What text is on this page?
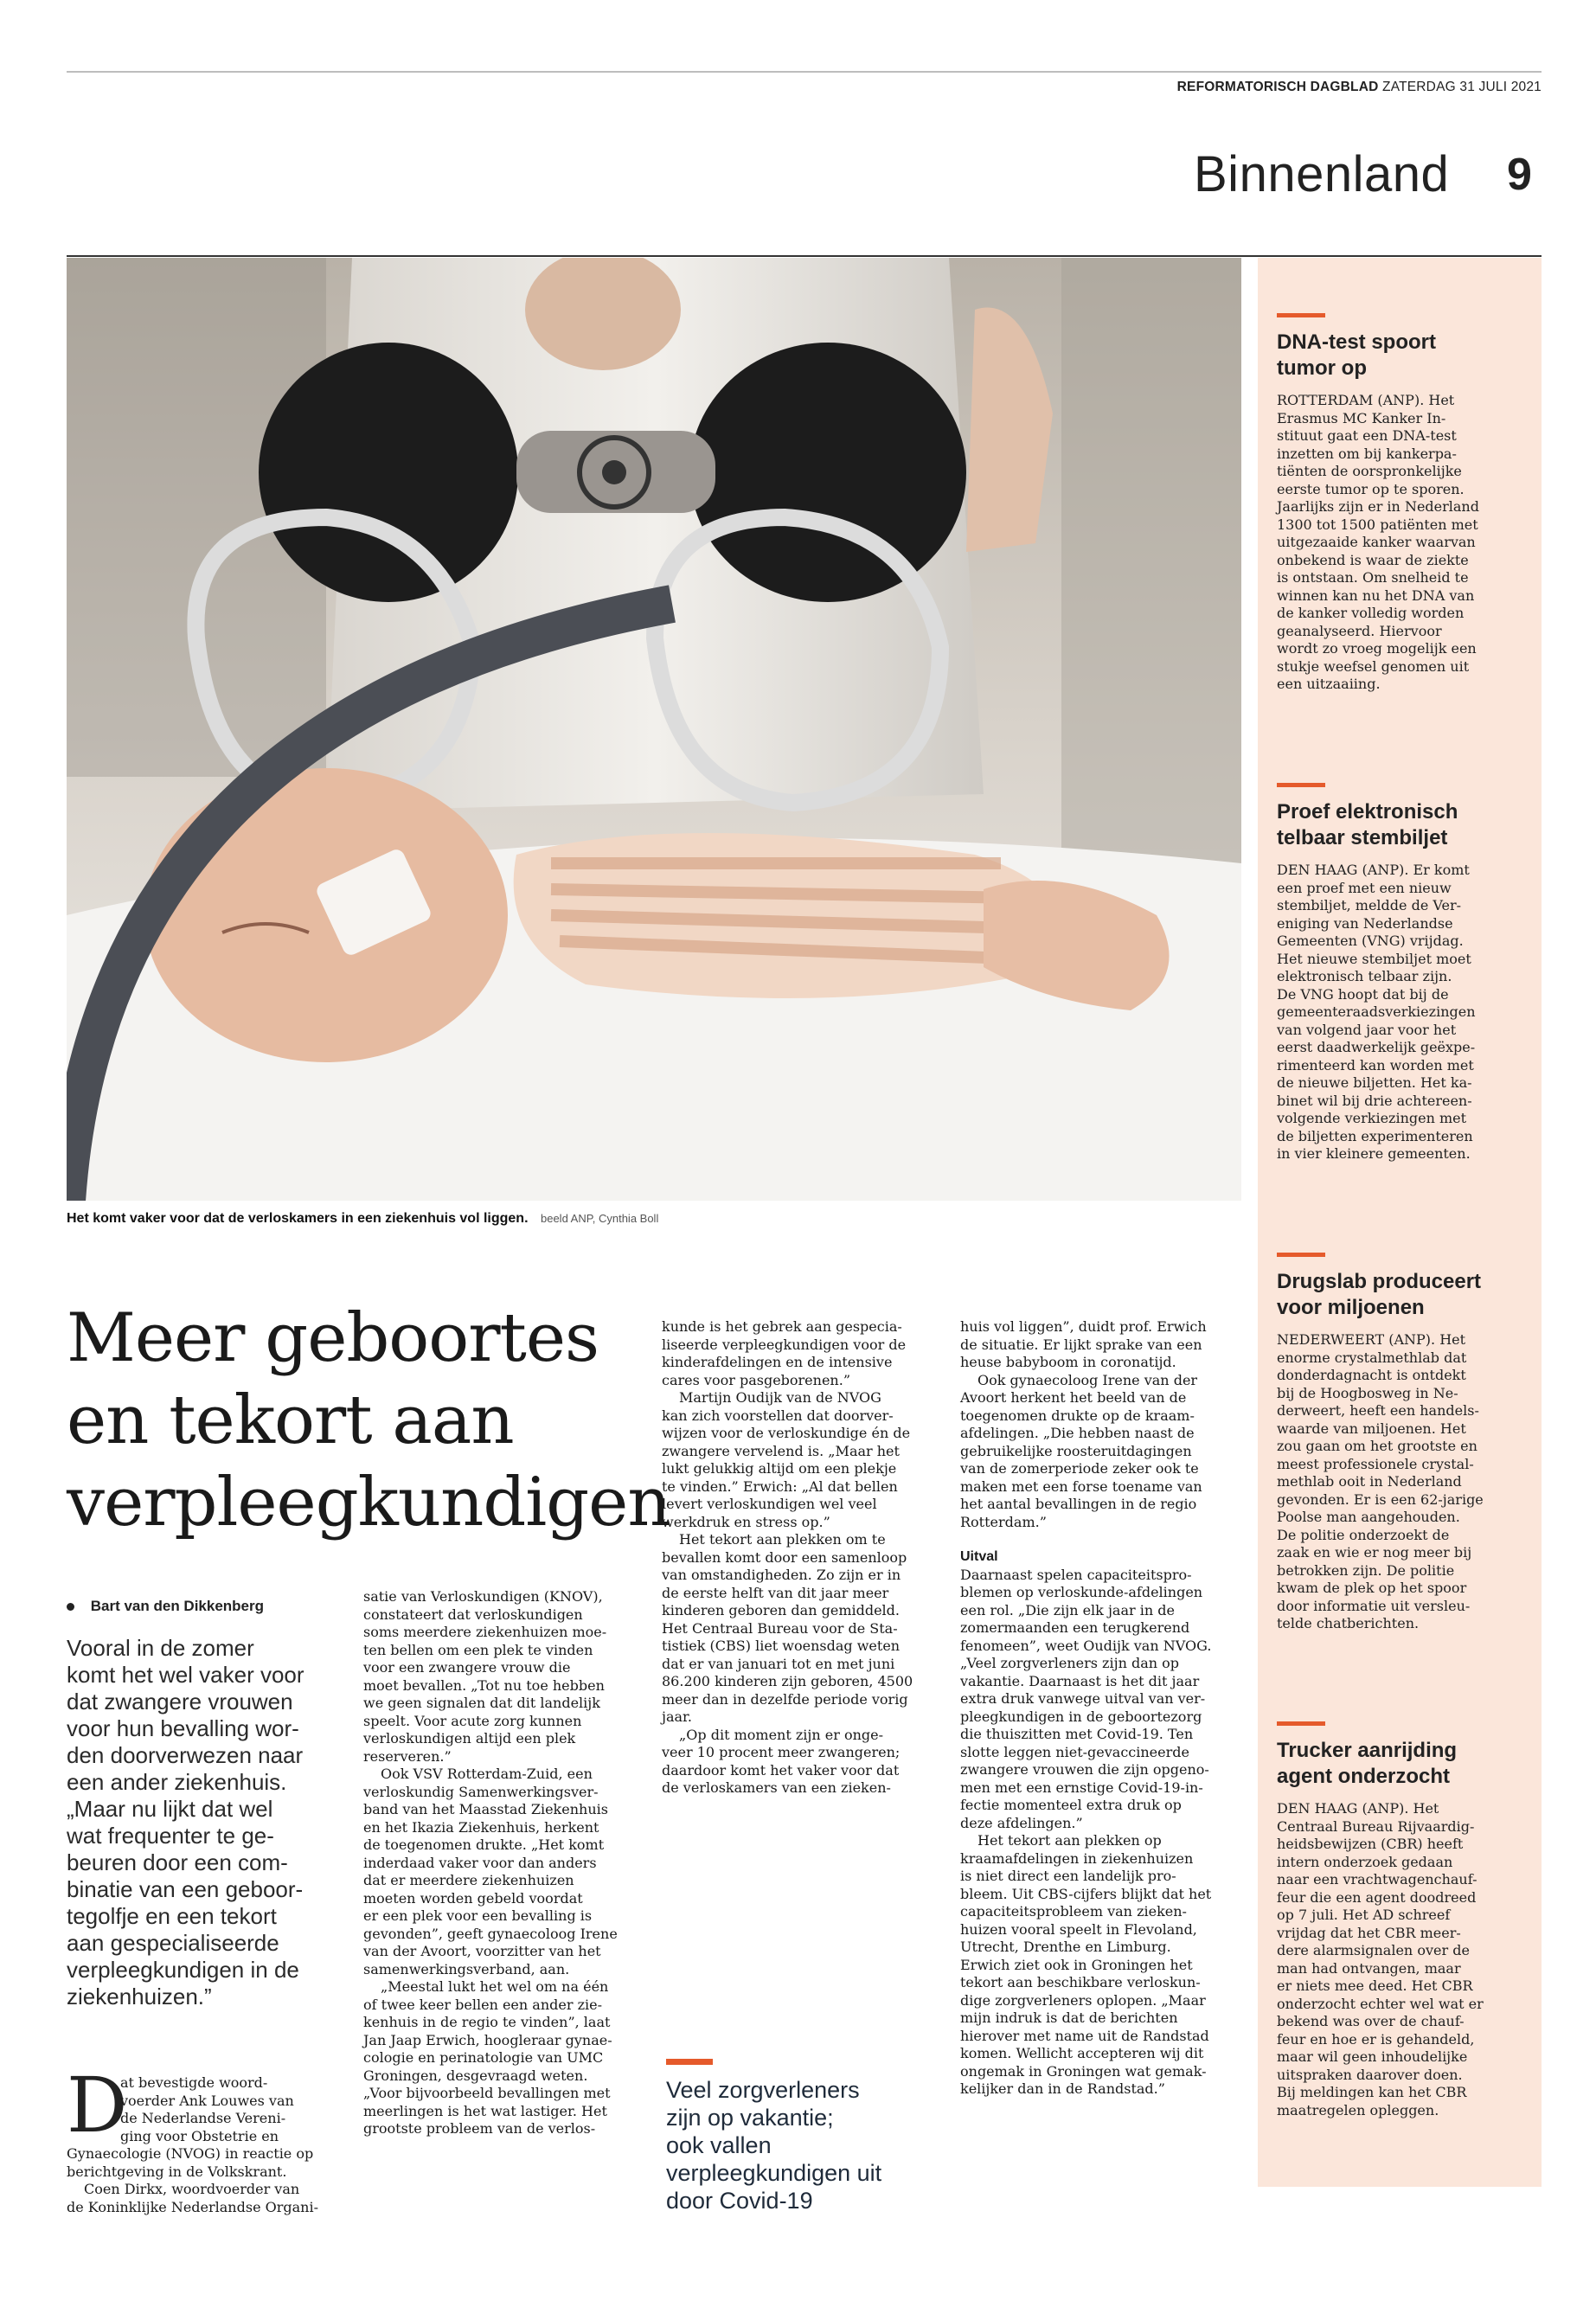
REFORMATORISCH DAGBLAD ZATERDAG 31 JULI 2021
Binnenland 9
Het komt vaker voor dat de verloskamers in een ziekenhuis vol liggen. beeld ANP, Cynthia Boll
Meer geboortes
en tekort aan
verpleegkundigen
Bart van den Dikkenberg
Vooral in de zomer
komt het wel vaker voor
dat zwangere vrouwen
voor hun bevalling wor-
den doorverwezen naar
een ander ziekenhuis.
„Maar nu lijkt dat wel
wat frequenter te ge-
beuren door een com-
binatie van een geboor-
tegolfje en een tekort
aan gespecialiseerde
verpleegkundigen in de
ziekenhuizen.”
D
at bevestigde woord-
voerder Ank Louwes van
de Nederlandse Vereni-
ging voor Obstetrie en
Gynaecologie (NVOG) in reactie op
berichtgeving in de Volkskrant.
Coen Dirkx, woordvoerder van
de Koninklijke Nederlandse Organi-
satie van Verloskundigen (KNOV),
constateert dat verloskundigen
soms meerdere ziekenhuizen moe-
ten bellen om een plek te vinden
voor een zwangere vrouw die
moet bevallen. „Tot nu toe hebben
we geen signalen dat dit landelijk
speelt. Voor acute zorg kunnen
verloskundigen altijd een plek
reserveren.”
Ook VSV Rotterdam-Zuid, een
verloskundig Samenwerkingsver-
band van het Maasstad Ziekenhuis
en het Ikazia Ziekenhuis, herkent
de toegenomen drukte. „Het komt
inderdaad vaker voor dan anders
dat er meerdere ziekenhuizen
moeten worden gebeld voordat
er een plek voor een bevalling is
gevonden”, geeft gynaecoloog Irene
van der Avoort, voorzitter van het
samenwerkingsverband, aan.
„Meestal lukt het wel om na één
of twee keer bellen een ander zie-
kenhuis in de regio te vinden”, laat
Jan Jaap Erwich, hoogleraar gynae-
cologie en perinatologie van UMC
Groningen, desgevraagd weten.
„Voor bijvoorbeeld bevallingen met
meerlingen is het wat lastiger. Het
grootste probleem van de verlos-
kunde is het gebrek aan gespecia-
liseerde verpleegkundigen voor de
kinderafdelingen en de intensive
cares voor pasgeborenen.”
Martijn Oudijk van de NVOG
kan zich voorstellen dat doorver-
wijzen voor de verloskundige én de
zwangere vervelend is. „Maar het
lukt gelukkig altijd om een plekje
te vinden.” Erwich: „Al dat bellen
levert verloskundigen wel veel
werkdruk en stress op.”
Het tekort aan plekken om te
bevallen komt door een samenloop
van omstandigheden. Zo zijn er in
de eerste helft van dit jaar meer
kinderen geboren dan gemiddeld.
Het Centraal Bureau voor de Sta-
tistiek (CBS) liet woensdag weten
dat er van januari tot en met juni
86.200 kinderen zijn geboren, 4500
meer dan in dezelfde periode vorig
jaar.
„Op dit moment zijn er onge-
veer 10 procent meer zwangeren;
daardoor komt het vaker voor dat
de verloskamers van een zieken-
Veel zorgverleners
zijn op vakantie;
ook vallen
verpleegkundigen uit
door Covid-19
huis vol liggen”, duidt prof. Erwich
de situatie. Er lijkt sprake van een
heuse babyboom in coronatijd.
Ook gynaecoloog Irene van der
Avoort herkent het beeld van de
toegenomen drukte op de kraam-
afdelingen. „Die hebben naast de
gebruikelijke roosteruitdagingen
van de zomerperiode zeker ook te
maken met een forse toename van
het aantal bevallingen in de regio
Rotterdam.”
Uitval
Daarnaast spelen capaciteitspro-
blemen op verloskunde-afdelingen
een rol. „Die zijn elk jaar in de
zomermaanden een terugkerend
fenomeen”, weet Oudijk van NVOG.
„Veel zorgverleners zijn dan op
vakantie. Daarnaast is het dit jaar
extra druk vanwege uitval van ver-
pleegkundigen in de geboortezorg
die thuiszitten met Covid-19. Ten
slotte leggen niet-gevaccineerde
zwangere vrouwen die zijn opgeno-
men met een ernstige Covid-19-in-
fectie momenteel extra druk op
deze afdelingen.”
Het tekort aan plekken op
kraamafdelingen in ziekenhuizen
is niet direct een landelijk pro-
bleem. Uit CBS-cijfers blijkt dat het
capaciteitsprobleem van zieken-
huizen vooral speelt in Flevoland,
Utrecht, Drenthe en Limburg.
Erwich ziet ook in Groningen het
tekort aan beschikbare verloskun-
dige zorgverleners oplopen. „Maar
mijn indruk is dat de berichten
hierover met name uit de Randstad
komen. Wellicht accepteren wij dit
ongemak in Groningen wat gemak-
kelijker dan in de Randstad.”
DNA-test spoort
tumor op
ROTTERDAM (ANP). Het
Erasmus MC Kanker In-
stituut gaat een DNA-test
inzetten om bij kankerpa-
tiënten de oorspronkelijke
eerste tumor op te sporen.
Jaarlijks zijn er in Nederland
1300 tot 1500 patiënten met
uitgezaaide kanker waarvan
onbekend is waar de ziekte
is ontstaan. Om snelheid te
winnen kan nu het DNA van
de kanker volledig worden
geanalyseerd. Hiervoor
wordt zo vroeg mogelijk een
stukje weefsel genomen uit
een uitzaaiing.
Proef elektronisch
telbaar stembiljet
DEN HAAG (ANP). Er komt
een proef met een nieuw
stembiljet, meldde de Ver-
eniging van Nederlandse
Gemeenten (VNG) vrijdag.
Het nieuwe stembiljet moet
elektronisch telbaar zijn.
De VNG hoopt dat bij de
gemeenteraadsverkiezingen
van volgend jaar voor het
eerst daadwerkelijk geëxpe-
rimenteerd kan worden met
de nieuwe biljetten. Het ka-
binet wil bij drie achtereen-
volgende verkiezingen met
de biljetten experimenteren
in vier kleinere gemeenten.
Drugslab produceert
voor miljoenen
NEDERWEERT (ANP). Het
enorme crystalmethlab dat
donderdagnacht is ontdekt
bij de Hoogbosweg in Ne-
derweert, heeft een handels-
waarde van miljoenen. Het
zou gaan om het grootste en
meest professionele crystal-
methlab ooit in Nederland
gevonden. Er is een 62-jarige
Poolse man aangehouden.
De politie onderzoekt de
zaak en wie er nog meer bij
betrokken zijn. De politie
kwam de plek op het spoor
door informatie uit versleu-
telde chatberichten.
Trucker aanrijding
agent onderzocht
DEN HAAG (ANP). Het
Centraal Bureau Rijvaardig-
heidsbewijzen (CBR) heeft
intern onderzoek gedaan
naar een vrachtwagenchauf-
feur die een agent doodreed
op 7 juli. Het AD schreef
vrijdag dat het CBR meer-
dere alarmsignalen over de
man had ontvangen, maar
er niets mee deed. Het CBR
onderzocht echter wel wat er
bekend was over de chauf-
feur en hoe er is gehandeld,
maar wil geen inhoudelijke
uitspraken daarover doen.
Bij meldingen kan het CBR
maatregelen opleggen.
